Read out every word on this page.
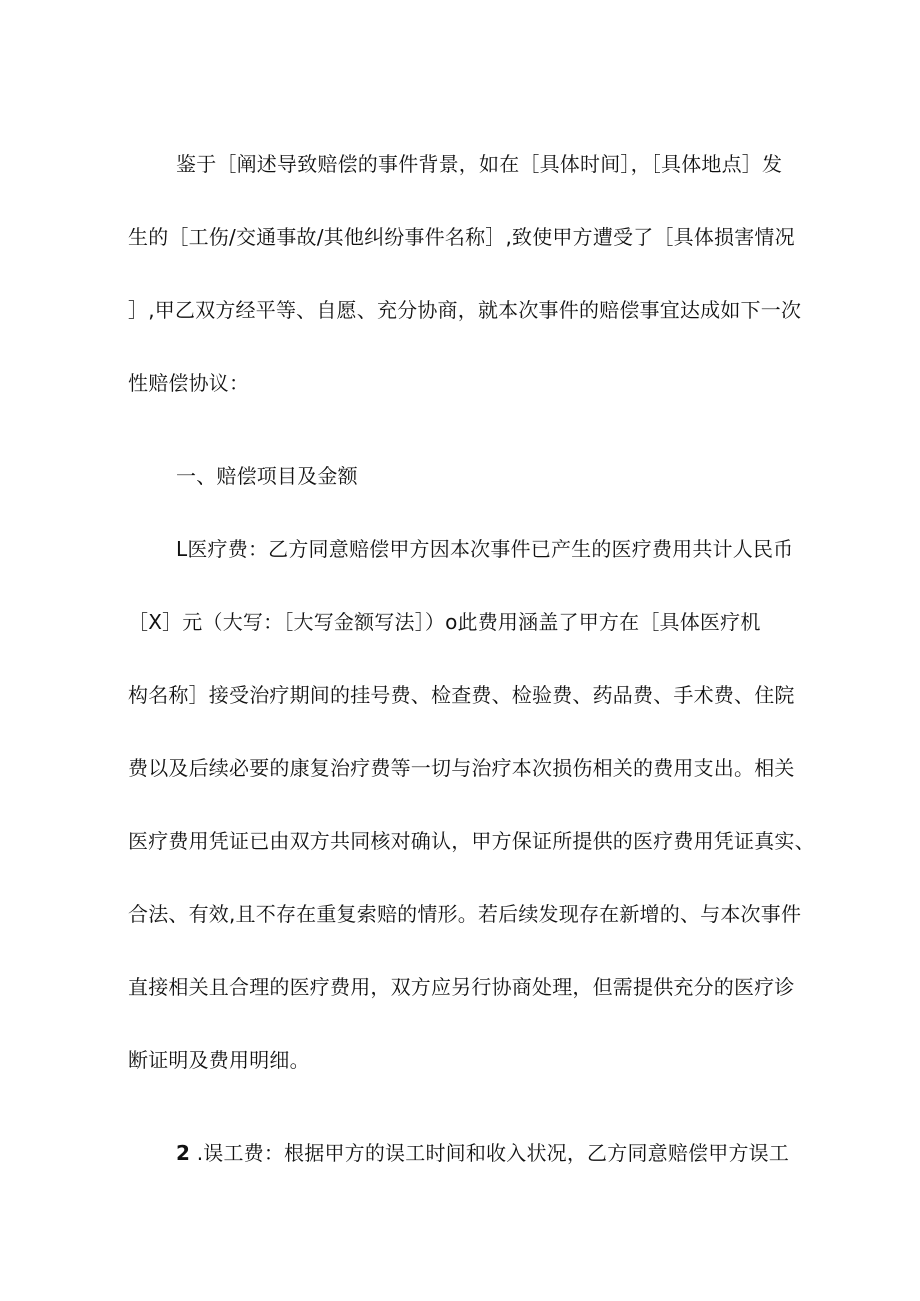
鉴于［阐述导致赔偿的事件背景，如在［具体时间］，［具体地点］发
生的［工伤/交通事故/其他纠纷事件名称］,致使甲方遭受了［具体损害情况
］,甲乙双方经平等、自愿、充分协商，就本次事件的赔偿事宜达成如下一次
性赔偿协议：
一、赔偿项目及金额
L医疗费：乙方同意赔偿甲方因本次事件已产生的医疗费用共计人民币
［X］元（大写：［大写金额写法］）o此费用涵盖了甲方在［具体医疗机
构名称］接受治疗期间的挂号费、检查费、检验费、药品费、手术费、住院
费以及后续必要的康复治疗费等一切与治疗本次损伤相关的费用支出。相关
医疗费用凭证已由双方共同核对确认，甲方保证所提供的医疗费用凭证真实、
合法、有效,且不存在重复索赔的情形。若后续发现存在新增的、与本次事件
直接相关且合理的医疗费用，双方应另行协商处理，但需提供充分的医疗诊
断证明及费用明细。
2 .误工费：根据甲方的误工时间和收入状况，乙方同意赔偿甲方误工
